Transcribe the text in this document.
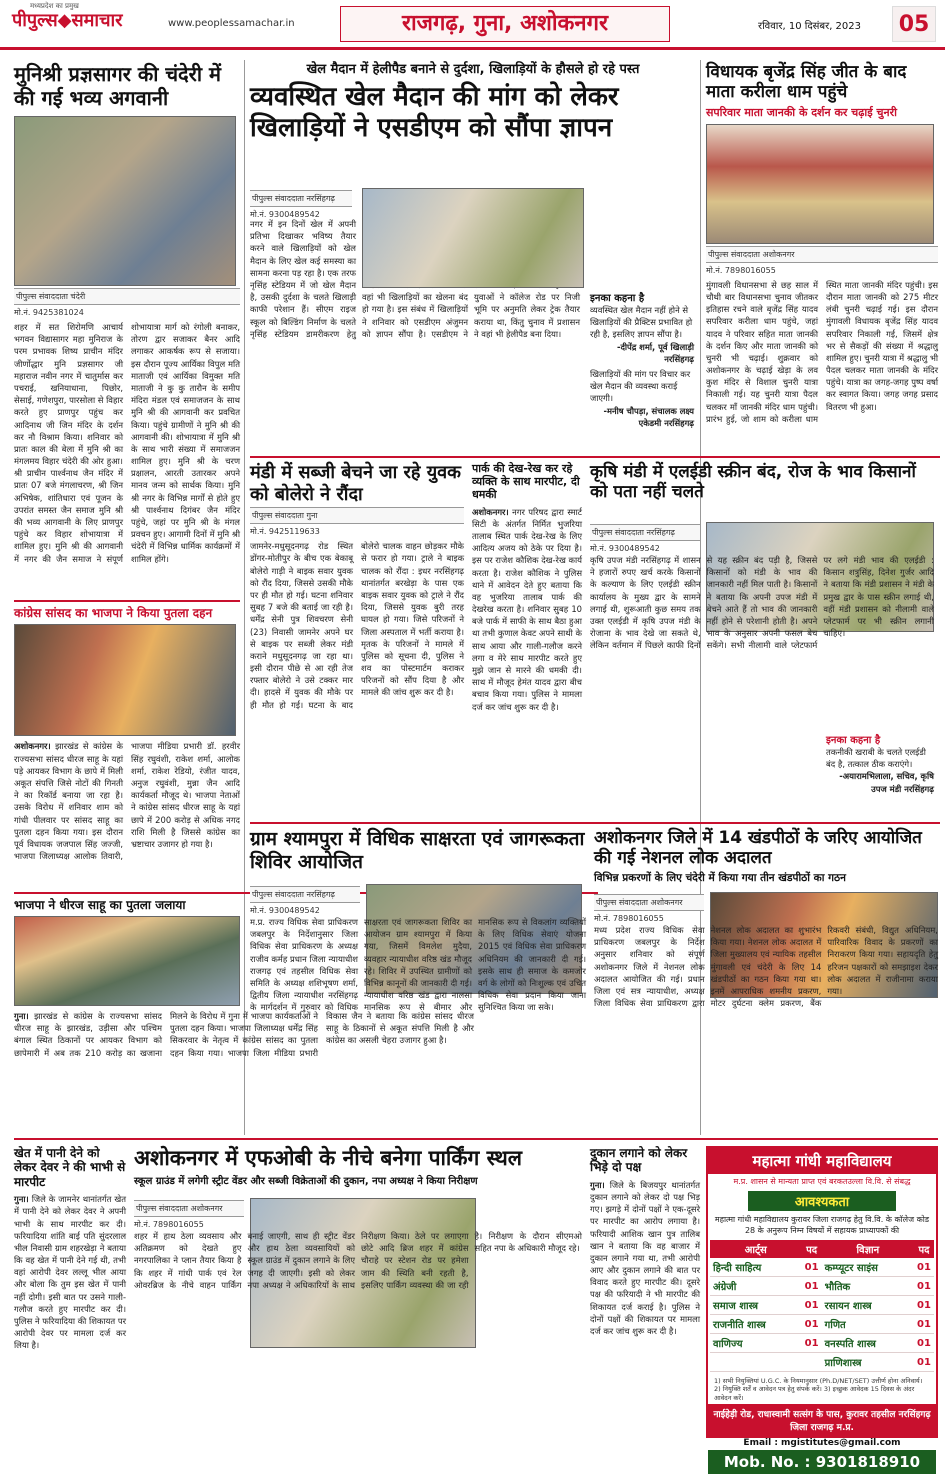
मध्यप्रदेश का प्रमुख
पीपुल्स◆समाचार	www.peoplessamachar.in	राजगढ़, गुना, अशोकनगर	रविवार, 10 दिसंबर, 2023	05
मुनिश्री प्रज्ञसागर की चंदेरी में की गई भव्य अगवानी
पीपुल्स संवाददाता चंदेरी
मो.नं. 9425381024
शहर में सत शिरोमणि आचार्य भगवन विद्यासागर महा मुनिराज के परम प्रभावक शिष्य प्राचीन मंदिर जीर्णोद्धार मुनि प्रज्ञसागर जी महाराज नवीन नगर में चातुर्मास कर पचराई, खनियाधाना, पिछोर, सेसाई, गणेशपुरा, पारसोला से विहार करते हुए प्राणपुर पहुंच कर आदिनाथ जी जिन मंदिर के दर्शन कर नौ विश्राम किया। शनिवार को प्रातः काल की बेला में मुनि श्री का मंगलमय विहार चंदेरी की ओर हुआ। श्री प्राचीन पार्श्वनाथ जैन मंदिर में प्रातः 07 बजे मंगलाचरण, श्री जिन अभिषेक, शांतिधारा एवं पूजन के उपरांत समस्त जैन समाज मुनि श्री की भव्य आगवानी के लिए प्राणपुर पहुंचे कर विहार शोभायात्रा में शामिल हुए। मुनि श्री की आगवानी में नगर की जैन समाज ने संपूर्ण शोभायात्रा मार्ग को रंगोली बनाकर, तोरण द्वार सजाकर बैनर आदि लगाकर आकर्षक रूप से सजाया। इस दौरान पूज्य आर्यिका विपुल मति माताजी एवं आर्यिका विमुक्त मति माताजी ने कु कु तारौन के समीप मंदिरा मंडल एवं समाजजन के साथ मुनि श्री की आगवानी कर प्रवचित किया। पहुंचे ग्रामीणों ने मुनि श्री की आगवानी की। शोभायात्रा में मुनि श्री के साथ भारी संख्या में समाजजन शामिल हुए। मुनि श्री के चरण प्रक्षालन, आरती उतारकर अपने मानव जन्म को सार्थक किया। मुनि श्री नगर के विभिन्न मार्गों से होते हुए श्री पार्श्वनाथ दिगंबर जैन मंदिर पहुंचे, जहां पर मुनि श्री के मंगल प्रवचन हुए। आगामी दिनों में मुनि श्री चंदेरी में विभिन्न धार्मिक कार्यक्रमों में शामिल होंगे।
कांग्रेस सांसद का भाजपा ने किया पुतला दहन
अशोकनगर। झारखंड से कांग्रेस के राज्यसभा सांसद धीरज साहू के यहां पड़े आयकर विभाग के छापे में मिली अकूत संपत्ति जिसे नोटों की गिनती ने का रिकॉर्ड बनाया जा रहा है। उसके विरोध में शनिवार शाम को गांधी पीलवार पर सांसद साहू का पुतला दहन किया गया। इस दौरान पूर्व विधायक जजपाल सिंह जज्जी, भाजपा जिलाध्यक्ष आलोक तिवारी, भाजपा मीडिया प्रभारी डॉ. हरवीर सिंह रघुवंशी, राकेश शर्मा, आलोक शर्मा, राकेश रेडियो, रंजीत यादव, अनुज रघुवंशी, मुन्ना जैन आदि कार्यकर्ता मौजूद थे। भाजपा नेताओं ने कांग्रेस सांसद धीरज साहू के यहां छापे में 200 करोड़ से अधिक नगद राशि मिली है जिससे कांग्रेस का भ्रष्टाचार उजागर हो गया है।
भाजपा ने धीरज साहू का पुतला जलाया
गुना। झारखंड से कांग्रेस के राज्यसभा सांसद धीरज साहू के झारखंड, उड़ीसा और पश्चिम बंगाल स्थित ठिकानों पर आयकर विभाग को छापेमारी में अब तक 210 करोड़ का खजाना मिलने के विरोध में गुना में भाजपा कार्यकर्ताओं ने पुतला दहन किया। भाजपा जिलाध्यक्ष धर्मेंद्र सिंह सिकरवार के नेतृत्व में कांग्रेस सांसद का पुतला दहन किया गया। भाजपा जिला मीडिया प्रभारी विकास जैन ने बताया कि कांग्रेस सांसद धीरज साहू के ठिकानों से अकूत संपत्ति मिली है और कांग्रेस का असली चेहरा उजागर हुआ है।
खेल मैदान में हेलीपैड बनाने से दुर्दशा, खिलाड़ियों के हौसले हो रहे पस्त
व्यवस्थित खेल मैदान की मांग को लेकर खिलाड़ियों ने एसडीएम को सौंपा ज्ञापन
पीपुल्स संवाददाता नरसिंहगढ़
मो.नं. 9300489542
नगर में इन दिनों खेल में अपनी प्रतिभा दिखाकर भविष्य तैयार करने वाले खिलाड़ियों को खेल मैदान के लिए खेल कई समस्या का सामना करना पड़ रहा है। एक तरफ नृसिंह स्टेडियम में जो खेल मैदान है, उसकी दुर्दशा के चलते खिलाड़ी काफी परेशान हैं। सीएम राइज स्कूल को बिल्डिंग निर्माण के चलते नृसिंह स्टेडियम डामरीकरण हेतु वहां भी खिलाड़ियों का खेलना बंद हो गया है। इस संबंध में खिलाड़ियों ने शनिवार को एसडीएम अंजुमन को ज्ञापन सौंपा है। एसडीएम ने युवाओं ने कॉलेज रोड पर निजी भूमि पर अनुमति लेकर ट्रेक तैयार कराया था, किंतु चुनाव में प्रशासन ने वहां भी हेलीपैड बना दिया।
इनका कहना है
व्यवस्थित खेल मैदान नहीं होने से खिलाड़ियों की प्रैक्टिस प्रभावित हो रही है, इसलिए ज्ञापन सौंपा है।
-दीपेंद्र शर्मा, पूर्व खिलाड़ी नरसिंहगढ़
खिलाड़ियों की मांग पर विचार कर खेल मैदान की व्यवस्था कराई जाएगी।
-मनीष चौपड़ा, संचालक लक्ष्य एकेडमी नरसिंहगढ़
विधायक बृजेंद्र सिंह जीत के बाद माता करीला धाम पहुंचे
सपरिवार माता जानकी के दर्शन कर चढ़ाई चुनरी
पीपुल्स संवाददाता अशोकनगर
मो.नं. 7898016055
मुंगावली विधानसभा से छह साल में चौथी बार विधानसभा चुनाव जीतकर इतिहास रचने वाले बृजेंद्र सिंह यादव सपरिवार करीला धाम पहुंचे, जहां यादव ने परिवार सहित माता जानकी के दर्शन किए और माता जानकी को चुनरी भी चढ़ाई। शुक्रवार को अशोकनगर के चढ़ाई खेड़ा के लव कुश मंदिर से विशाल चुनरी यात्रा निकाली गई। यह चुनरी यात्रा पैदल चलकर माँ जानकी मंदिर धाम पहुंची। प्रारंभ हुई, जो शाम को करीला धाम स्थित माता जानकी मंदिर पहुंची। इस दौरान माता जानकी को 275 मीटर लंबी चुनरी चढ़ाई गई। इस दौरान मुंगावली विधायक बृजेंद्र सिंह यादव सपरिवार निकाली गई, जिसमें क्षेत्र भर से सैकड़ों की संख्या में श्रद्धालु शामिल हुए। चुनरी यात्रा में श्रद्धालु भी पैदल चलकर माता जानकी के मंदिर पहुंचे। यात्रा का जगह-जगह पुष्प वर्षा कर स्वागत किया। जगह जगह प्रसाद वितरण भी हुआ।
मंडी में सब्जी बेचने जा रहे युवक को बोलेरो ने रौंदा
पीपुल्स संवाददाता गुना
मो.नं. 9425119633
जामनेर-मधुसूदनगढ़ रोड स्थित डोंगर-मोतीपुर के बीच एक बेकाबू बोलेरो गाड़ी ने बाइक सवार युवक को रौंद दिया, जिससे उसकी मौके पर ही मौत हो गई। घटना शनिवार सुबह 7 बजे की बताई जा रही है। धर्मेंद्र सेनी पुत्र शिवचरण सेनी (23) निवासी जामनेर अपने घर से बाइक पर सब्जी लेकर मंडी कराने मधुसूदनगढ़ जा रहा था। इसी दौरान पीछे से आ रही तेज रफ्तार बोलेरो ने उसे टक्कर मार दी। हादसे में युवक की मौके पर ही मौत हो गई। घटना के बाद बोलेरो चालक वाहन छोड़कर मौके से फरार हो गया। ट्राले ने बाइक चालक को रौंदा : इधर नरसिंहगढ़ थानांतर्गत बरखेड़ा के पास एक बाइक सवार युवक को ट्राले ने रौंद दिया, जिससे युवक बुरी तरह घायल हो गया। जिसे परिजनों ने जिला अस्पताल में भर्ती कराया है। मृतक के परिजनों ने मामले में पुलिस को सूचना दी, पुलिस ने शव का पोस्टमार्टम कराकर परिजनों को सौंप दिया है और मामले की जांच शुरू कर दी है।
पार्क की देख-रेख कर रहे व्यक्ति के साथ मारपीट, दी धमकी
अशोकनगर। नगर परिषद द्वारा स्मार्ट सिटी के अंतर्गत निर्मित भुजरिया तालाब स्थित पार्क देख-रेख के लिए आदित्य अजय को ठेके पर दिया है। इस पर राजेश कौशिक देख-रेख कार्य करता है। राजेश कौशिक ने पुलिस थाने में आवेदन देते हुए बताया कि वह भुजरिया तालाब पार्क की देखरेख करता है। शनिवार सुबह 10 बजे पार्क में साफी के साथ बैठा हुआ था तभी कुणाल केवट अपने साथी के साथ आया और गाली-गलौज करने लगा व मेरे साथ मारपीट करते हुए मुझे जान से मारने की धमकी दी। साथ में मौजूद हेमंत यादव द्वारा बीच बचाव किया गया। पुलिस ने मामला दर्ज कर जांच शुरू कर दी है।
कृषि मंडी में एलईडी स्क्रीन बंद, रोज के भाव किसानों को पता नहीं चलते
पीपुल्स संवाददाता नरसिंहगढ़
मो.नं. 9300489542
कृषि उपज मंडी नरसिंहगढ़ में शासन ने हजारों रुपए खर्च करके किसानों के कल्याण के लिए एलईडी स्क्रीन कार्यालय के मुख्य द्वार के सामने लगाई थी, शुरूआती कुछ समय तक उक्त एलईडी में कृषि उपज मंडी के रोजाना के भाव देखे जा सकते थे, लेकिन वर्तमान में पिछले काफी दिनों से यह स्क्रीन बंद पड़ी है, जिससे किसानों को मंडी के भाव की जानकारी नहीं मिल पाती है। किसानों ने बताया कि अपनी उपज मंडी में बेचने आते हैं तो भाव की जानकारी नहीं होने से परेशानी होती है। अपने भाव के अनुसार अपनी फसल बेच सकेंगे। सभी नीलामी वाले प्लेटफार्म पर लगे मंडी भाव की एलईडी : किसान शत्रुसिंह, दिनेश गुर्जर आदि ने बताया कि मंडी प्रशासन ने मंडी के प्रमुख द्वार के पास स्क्रीन लगाई थी, वहीं मंडी प्रशासन को नीलामी वाले प्लेटफार्म पर भी स्क्रीन लगानी चाहिए।
इनका कहना है
तकनीकी खराबी के चलते एलईडी बंद है, तत्काल ठीक कराएंगे।
-अयारामभिलाला, सचिव, कृषि उपज मंडी नरसिंहगढ़
ग्राम श्यामपुरा में विधिक साक्षरता एवं जागरूकता शिविर आयोजित
पीपुल्स संवाददाता नरसिंहगढ़
मो.नं. 9300489542
म.प्र. राज्य विधिक सेवा प्राधिकरण जबलपुर के निर्देशानुसार जिला विधिक सेवा प्राधिकरण के अध्यक्ष राजीव कर्मह प्रधान जिला न्यायाधीश राजगढ़ एवं तहसील विधिक सेवा समिति के अध्यक्ष शशिभूषण शर्मा, द्वितीय जिला न्यायाधीश नरसिंहगढ़ के मार्गदर्शन में गुरुवार को विधिक साक्षरता एवं जागरूकता शिविर का आयोजन ग्राम श्यामपुरा में किया गया, जिसमें विमलेश मुदैया, व्यवहार न्यायाधीश वरिष्ठ खंड मौजूद रहे। शिविर में उपस्थित ग्रामीणों को विभिन्न कानूनों की जानकारी दी गई। न्यायाधीश वरिष्ठ खंड द्वारा नालसा मानसिक रूप से बीमार और मानसिक रूप से विकलांग व्यक्तियों के लिए विधिक सेवाएं योजना 2015 एवं विधिक सेवा प्राधिकरण अधिनियम की जानकारी दी गई। इसके साथ ही समाज के कमजोर वर्ग के लोगों को निःशुल्क एवं उचित विधिक सेवा प्रदान किया जाना सुनिश्चित किया जा सके।
अशोकनगर जिले में 14 खंडपीठों के जरिए आयोजित की गई नेशनल लोक अदालत
विभिन्न प्रकरणों के लिए चंदेरी में किया गया तीन खंडपीठों का गठन
पीपुल्स संवाददाता अशोकनगर
मो.नं. 7898016055
मध्य प्रदेश राज्य विधिक सेवा प्राधिकरण जबलपुर के निर्देश अनुसार शनिवार को संपूर्ण अशोकनगर जिले में नेशनल लोक अदालत आयोजित की गई। प्रधान जिला एवं सत्र न्यायाधीश, अध्यक्ष जिला विधिक सेवा प्राधिकरण द्वारा नेशनल लोक अदालत का शुभारंभ किया गया। नेशनल लोक अदालत में जिला मुख्यालय एवं न्यायिक तहसील मुंगावली एवं चंदेरी के लिए 14 खंडपीठों का गठन किया गया था। इनमें आपराधिक शमनीय प्रकरण, मोटर दुर्घटना क्लेम प्रकरण, बैंक रिकवरी संबंधी, विद्युत अधिनियम, पारिवारिक विवाद के प्रकरणों का निराकरण किया गया। सहायदृति हेतु हरिजन पक्षकारों को समझाइश देकर लोक अदालत में राजीनामा कराया गया।
खेत में पानी देने को लेकर देवर ने की भाभी से मारपीट
गुना। जिले के जामनेर थानांतर्गत खेत में पानी देने को लेकर देवर ने अपनी भाभी के साथ मारपीट कर दी। फरियादिया शांति बाई पति सुंदरलाल भील निवासी ग्राम शहरखेड़ा ने बताया कि वह खेत में पानी देने गई थी, तभी वहां आरोपी देवर लल्लू भील आया और बोला कि तुम इस खेत में पानी नहीं दोगी। इसी बात पर उसने गाली-गलौज करते हुए मारपीट कर दी। पुलिस ने फरियादिया की शिकायत पर आरोपी देवर पर मामला दर्ज कर लिया है।
अशोकनगर में एफओबी के नीचे बनेगा पार्किंग स्थल
स्कूल ग्राउंड में लगेगी स्ट्रीट वेंडर और सब्जी विक्रेताओं की दुकान, नपा अध्यक्ष ने किया निरीक्षण
पीपुल्स संवाददाता अशोकनगर
मो.नं. 7898016055
शहर में हाथ ठेला व्यवसाय और अतिक्रमण को देखते हुए नगरपालिका ने प्लान तैयार किया है कि शहर में गांधी पार्क एवं रेल ओवरब्रिज के नीचे वाहन पार्किंग बनाई जाएगी, साथ ही स्ट्रीट वेंडर और हाथ ठेला व्यवसायियों को स्कूल ग्राउंड में दुकान लगाने के लिए जगह दी जाएगी। इसी को लेकर नपा अध्यक्ष ने अधिकारियों के साथ निरीक्षण किया। ठेले पर लगाएगा छोटे आदि ब्रिज शहर में कांग्रेस चौराहे पर स्टेशन रोड पर हमेशा जाम की स्थिति बनी रहती है, इसलिए पार्किंग व्यवस्था की जा रही है। निरीक्षण के दौरान सीएमओ सहित नपा के अधिकारी मौजूद रहे।
दुकान लगाने को लेकर भिड़े दो पक्ष
गुना। जिले के बिजयपुर थानांतर्गत दुकान लगाने को लेकर दो पक्ष भिड़ गए। झगड़े में दोनों पक्षों ने एक-दूसरे पर मारपीट का आरोप लगाया है। फरियादी आशिक खान पुत्र तालिब खान ने बताया कि वह बाजार में दुकान लगाने गया था, तभी आरोपी आए और दुकान लगाने की बात पर विवाद करते हुए मारपीट की। दूसरे पक्ष की फरियादी ने भी मारपीट की शिकायत दर्ज कराई है। पुलिस ने दोनों पक्षों की शिकायत पर मामला दर्ज कर जांच शुरू कर दी है।
महात्मा गांधी महाविद्यालय
म.प्र. शासन से मान्यता प्राप्त एवं बरकतउल्ला वि.वि. से संबद्ध
आवश्यकता
महात्मा गांधी महाविद्यालय कुरावर जिला राजगढ़ हेतु वि.वि. के कॉलेज कोड 28 के अनुरूप निम्न विषयों में सहायक प्राध्यापकों की
आर्ट्स	पद	विज्ञान	पद
हिन्दी साहित्य	01	कम्प्यूटर साइंस	01
अंग्रेजी	01	भौतिक	01
समाज शास्त्र	01	रसायन शास्त्र	01
राजनीति शास्त्र	01	गणित	01
वाणिज्य	01	वनस्पति शास्त्र	01
		प्राणिशास्त्र	01
1) सभी नियुक्तियां U.G.C. के नियमानुसार (Ph.D/NET/SET) उत्तीर्ण होना अनिवार्य। 2) नियुक्ति शर्तें व आवेदन पत्र हेतु संपर्क करें। 3) इच्छुक आवेदक 15 दिवस के अंदर आवेदन करें।
नाईहेड़ी रोड, राधास्वामी सत्संग के पास, कुरावर तहसील नरसिंहगढ़ जिला राजगढ़ म.प्र.
Email : mgistitutes@gmail.com
Mob. No. : 9301818910
